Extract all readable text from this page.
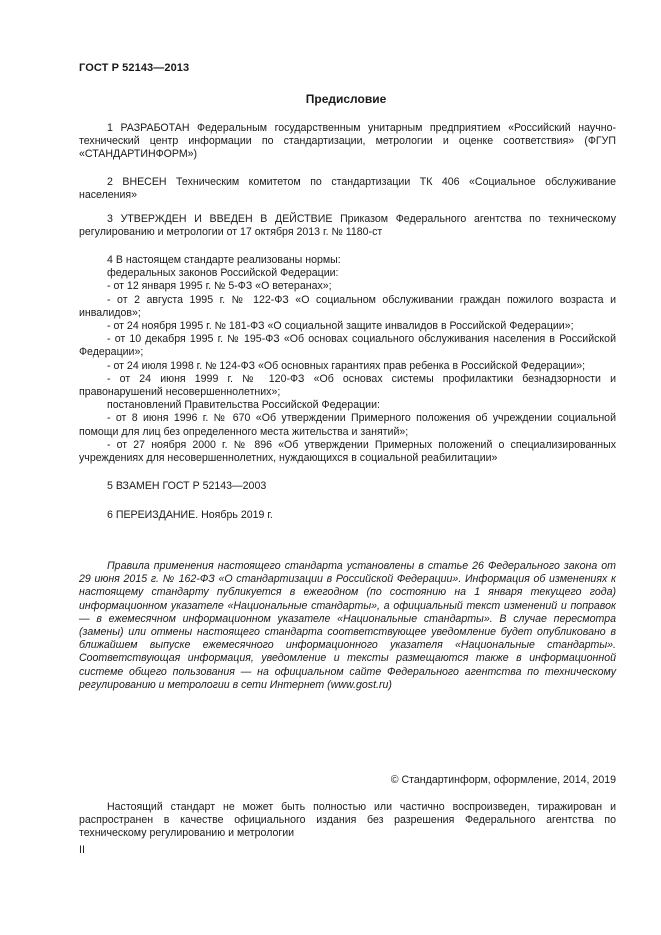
ГОСТ Р 52143—2013
Предисловие

1 РАЗРАБОТАН Федеральным государственным унитарным предприятием «Российский научно-технический центр информации по стандартизации, метрологии и оценке соответствия» (ФГУП «СТАНДАРТИНФОРМ»)

2 ВНЕСЕН Техническим комитетом по стандартизации ТК 406 «Социальное обслуживание населения»

3 УТВЕРЖДЕН И ВВЕДЕН В ДЕЙСТВИЕ Приказом Федерального агентства по техническому регулированию и метрологии от 17 октября 2013 г. № 1180-ст

4 В настоящем стандарте реализованы нормы:

федеральных законов Российской Федерации:

- от 12 января 1995 г. № 5-ФЗ «О ветеранах»;

- от 2 августа 1995 г. № 122-ФЗ «О социальном обслуживании граждан пожилого возраста и инвалидов»;

- от 24 ноября 1995 г. № 181-ФЗ «О социальной защите инвалидов в Российской Федерации»;

- от 10 декабря 1995 г. № 195-ФЗ «Об основах социального обслуживания населения в Российской Федерации»;

- от 24 июля 1998 г. № 124-ФЗ «Об основных гарантиях прав ребенка в Российской Федерации»;

- от 24 июня 1999 г. № 120-ФЗ «Об основах системы профилактики безнадзорности и правонарушений несовершеннолетних»;

постановлений Правительства Российской Федерации:

- от 8 июня 1996 г. № 670 «Об утверждении Примерного положения об учреждении социальной помощи для лиц без определенного места жительства и занятий»;

- от 27 ноября 2000 г. № 896 «Об утверждении Примерных положений о специализированных учреждениях для несовершеннолетних, нуждающихся в социальной реабилитации»

5 ВЗАМЕН ГОСТ Р 52143—2003

6 ПЕРЕИЗДАНИЕ. Ноябрь 2019 г.

Правила применения настоящего стандарта установлены в статье 26 Федерального закона от 29 июня 2015 г. № 162-ФЗ «О стандартизации в Российской Федерации». Информация об изменениях к настоящему стандарту публикуется в ежегодном (по состоянию на 1 января текущего года) информационном указателе «Национальные стандарты», а официальный текст изменений и поправок — в ежемесячном информационном указателе «Национальные стандарты». В случае пересмотра (замены) или отмены настоящего стандарта соответствующее уведомление будет опубликовано в ближайшем выпуске ежемесячного информационного указателя «Национальные стандарты». Соответствующая информация, уведомление и тексты размещаются также в информационной системе общего пользования — на официальном сайте Федерального агентства по техническому регулированию и метрологии в сети Интернет (www.gost.ru)

© Стандартинформ, оформление, 2014, 2019

Настоящий стандарт не может быть полностью или частично воспроизведен, тиражирован и распространен в качестве официального издания без разрешения Федерального агентства по техническому регулированию и метрологии

II
